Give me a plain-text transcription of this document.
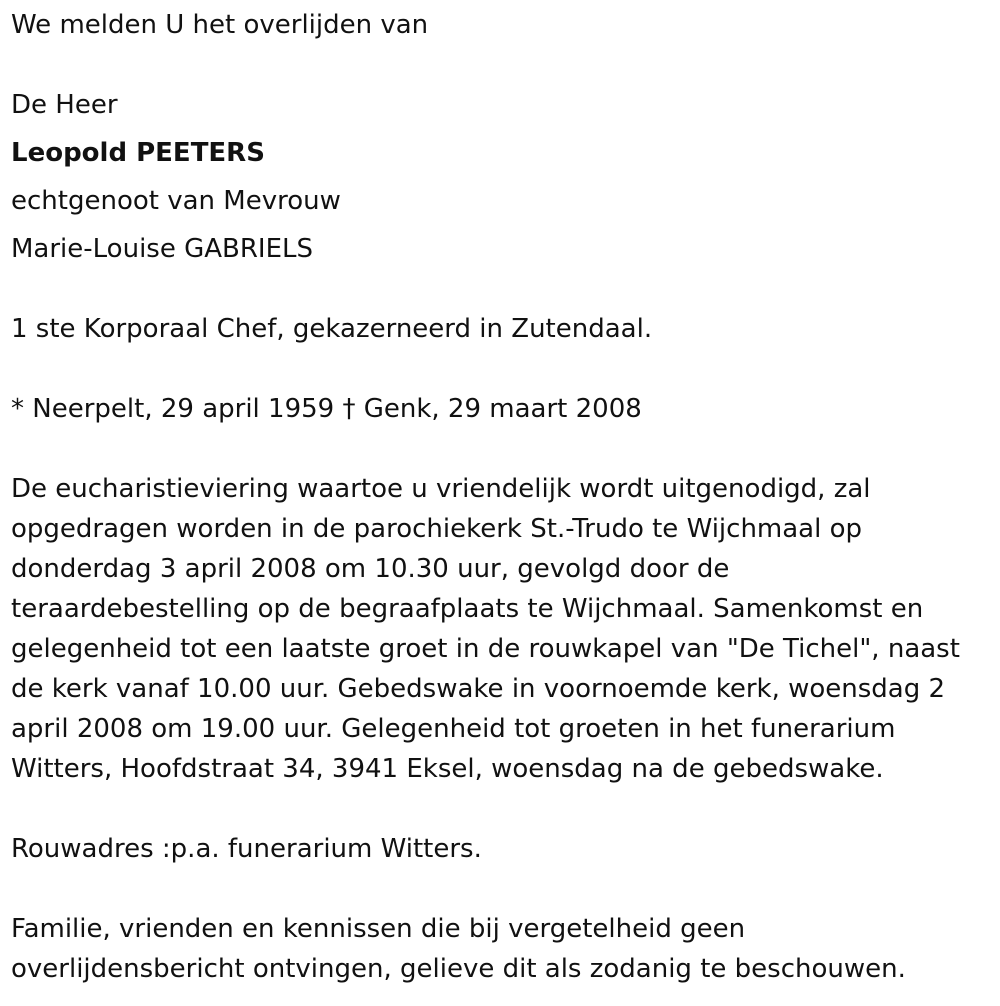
We melden U het overlijden van

De Heer

Leopold PEETERS

echtgenoot van Mevrouw

Marie-Louise GABRIELS

1 ste Korporaal Chef, gekazerneerd in Zutendaal.

* Neerpelt, 29 april 1959 † Genk, 29 maart 2008

De eucharistieviering waartoe u vriendelijk wordt uitgenodigd, zal
opgedragen worden in de parochiekerk St.-Trudo te Wijchmaal op
donderdag 3 april 2008 om 10.30 uur, gevolgd door de
teraardebestelling op de begraafplaats te Wijchmaal. Samenkomst en
gelegenheid tot een laatste groet in de rouwkapel van "De Tichel", naast
de kerk vanaf 10.00 uur. Gebedswake in voornoemde kerk, woensdag 2
april 2008 om 19.00 uur. Gelegenheid tot groeten in het funerarium
Witters, Hoofdstraat 34, 3941 Eksel, woensdag na de gebedswake.

Rouwadres :p.a. funerarium Witters.

Familie, vrienden en kennissen die bij vergetelheid geen
overlijdensbericht ontvingen, gelieve dit als zodanig te beschouwen.
